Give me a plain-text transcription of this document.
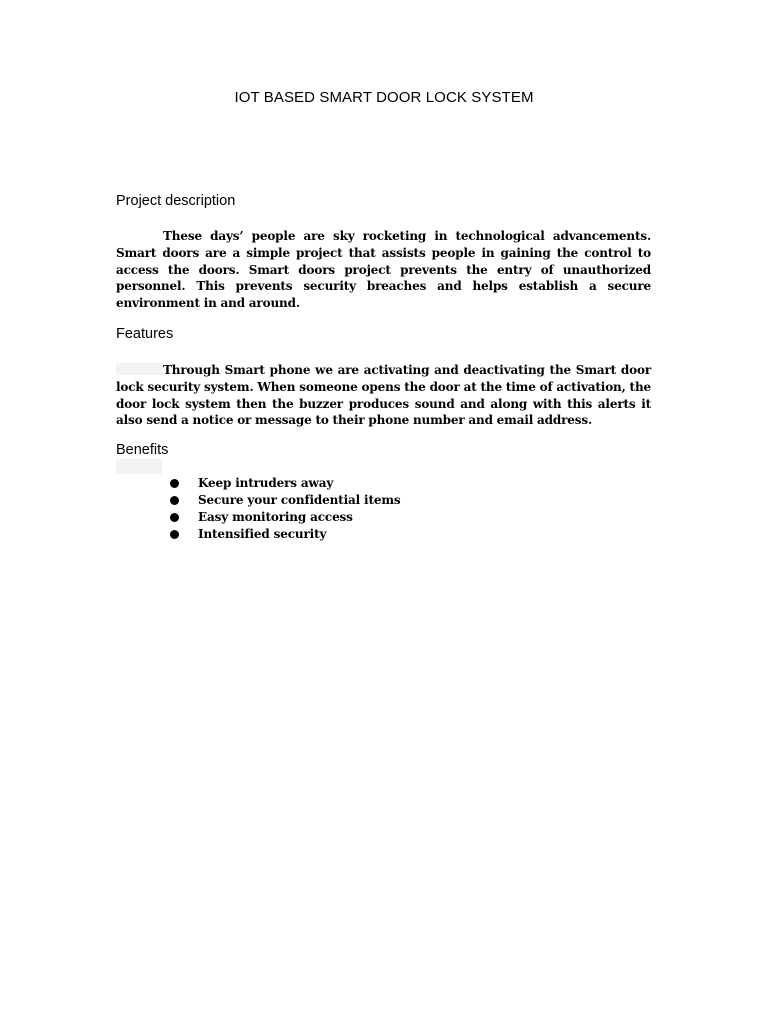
IOT BASED SMART DOOR LOCK SYSTEM
Project description

These days’ people are sky rocketing in technological advancements. Smart doors are a simple project that assists people in gaining the control to access the doors. Smart doors project prevents the entry of unauthorized personnel. This prevents security breaches and helps establish a secure environment in and around.

Features

Through Smart phone we are activating and deactivating the Smart door lock security system. When someone opens the door at the time of activation, the door lock system then the buzzer produces sound and along with this alerts it also send a notice or message to their phone number and email address.

Benefits
Keep intruders away
Secure your confidential items
Easy monitoring access
Intensified security
